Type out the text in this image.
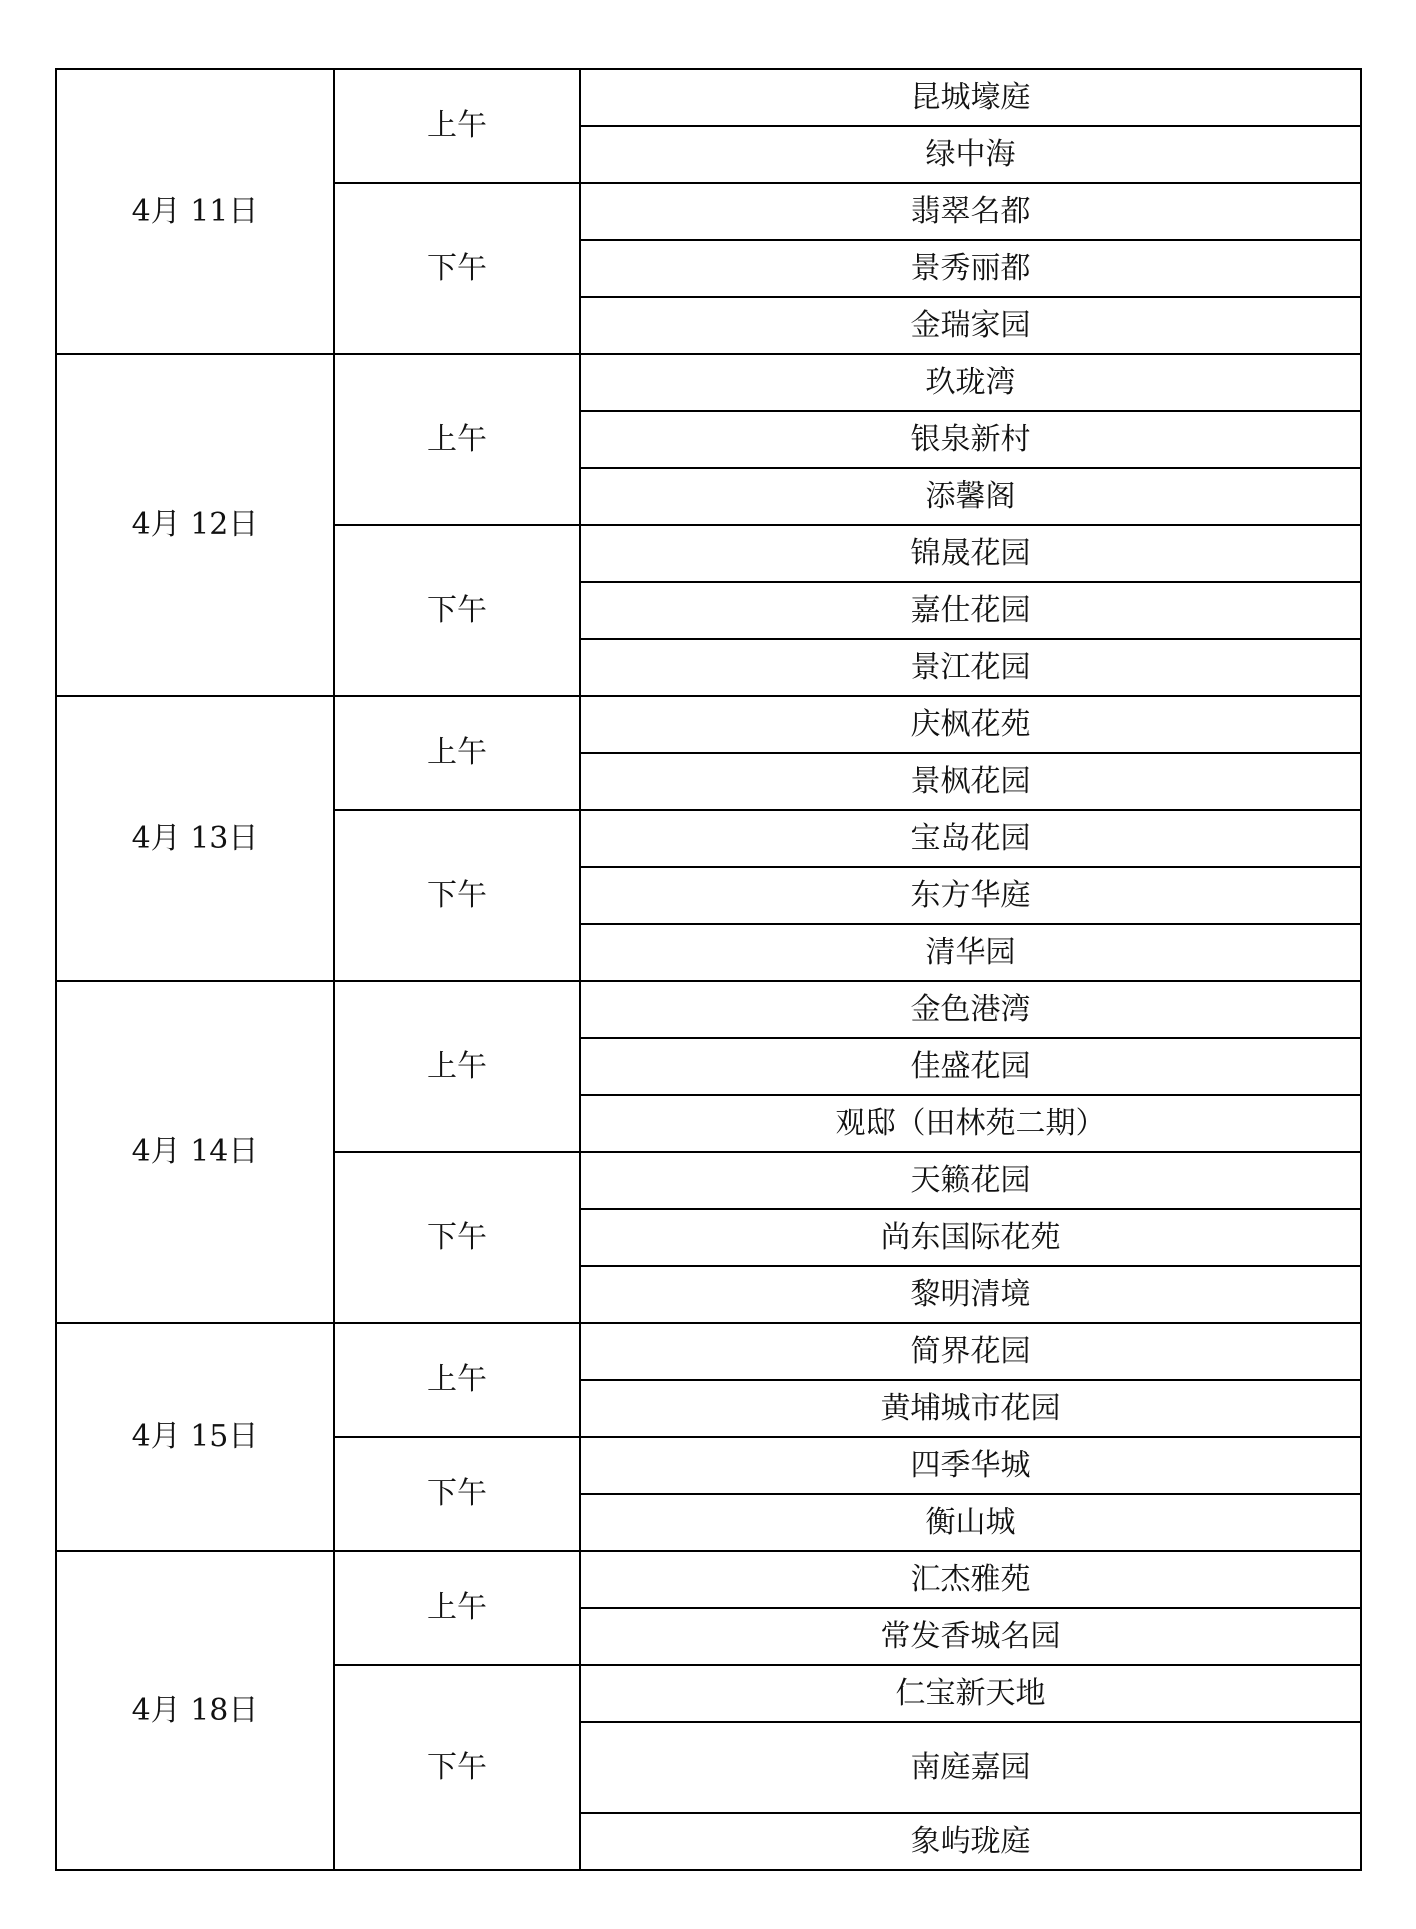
4月 11日	上午	昆城壕庭
		绿中海
	下午	翡翠名都
		景秀丽都
		金瑞家园
4月 12日	上午	玖珑湾
		银泉新村
		添馨阁
	下午	锦晟花园
		嘉仕花园
		景江花园
4月 13日	上午	庆枫花苑
		景枫花园
	下午	宝岛花园
		东方华庭
		清华园
4月 14日	上午	金色港湾
		佳盛花园
		观邸（田林苑二期）
	下午	天籁花园
		尚东国际花苑
		黎明清境
4月 15日	上午	简界花园
		黄埔城市花园
	下午	四季华城
		衡山城
4月 18日	上午	汇杰雅苑
		常发香城名园
	下午	仁宝新天地
		南庭嘉园
		象屿珑庭
